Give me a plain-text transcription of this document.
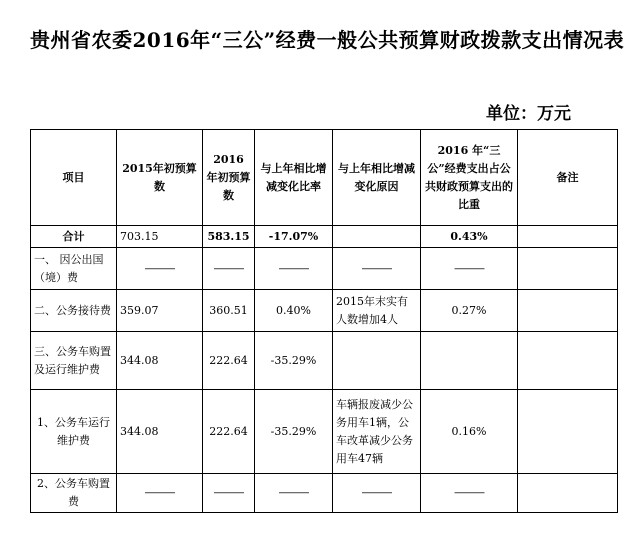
贵州省农委2016年“三公”经费一般公共预算财政拨款支出情况表
单位：万元
项目	2015年初预算数	2016 年初预算数	与上年相比增减变化比率	与上年相比增减变化原因	2016 年“三公”经费支出占公共财政预算支出的比重	备注
合计	703.15	583.15	-17.07%		0.43%	
一、 因公出国（境）费	———	———	———	———	———	
二、公务接待费	359.07	360.51	0.40%	2015年末实有人数增加4人	0.27%	
三、公务车购置及运行维护费	344.08	222.64	-35.29%			
1、公务车运行维护费	344.08	222.64	-35.29%	车辆报废减少公务用车1辆，公车改革减少公务用车47辆	0.16%	
2、公务车购置费	———	———	———	———	———	
